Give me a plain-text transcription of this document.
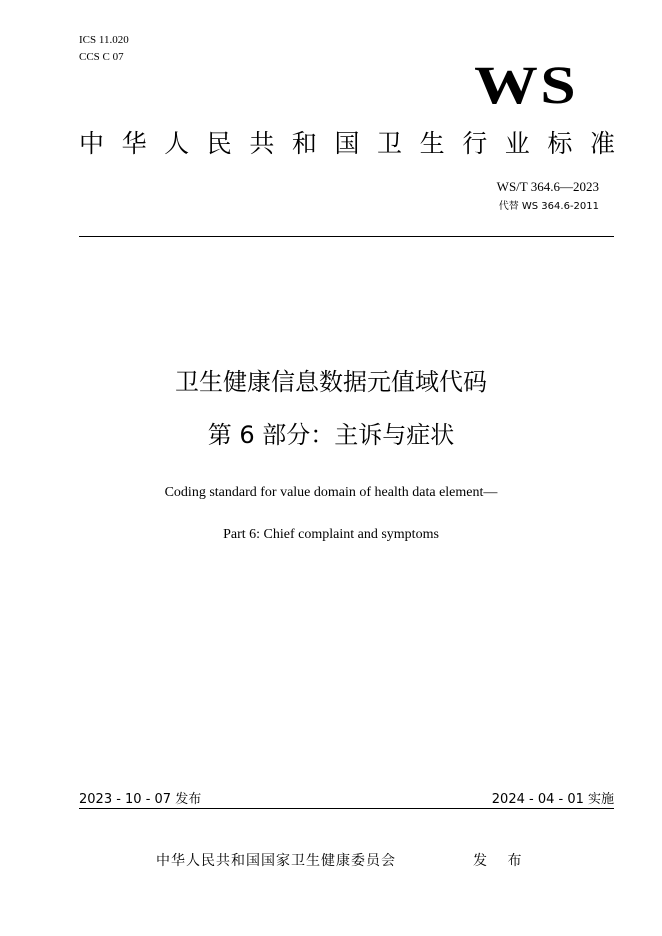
ICS 11.020
CCS C 07	WS
中 华 人 民 共 和 国 卫 生 行 业 标 准
WS/T 364.6—2023
代替 WS 364.6-2011
卫生健康信息数据元值域代码
第 6 部分：主诉与症状
Coding standard for value domain of health data element—
Part 6: Chief complaint and symptoms
2023 - 10 - 07 发布	2024 - 04 - 01 实施
中华人民共和国国家卫生健康委员会	发 布
